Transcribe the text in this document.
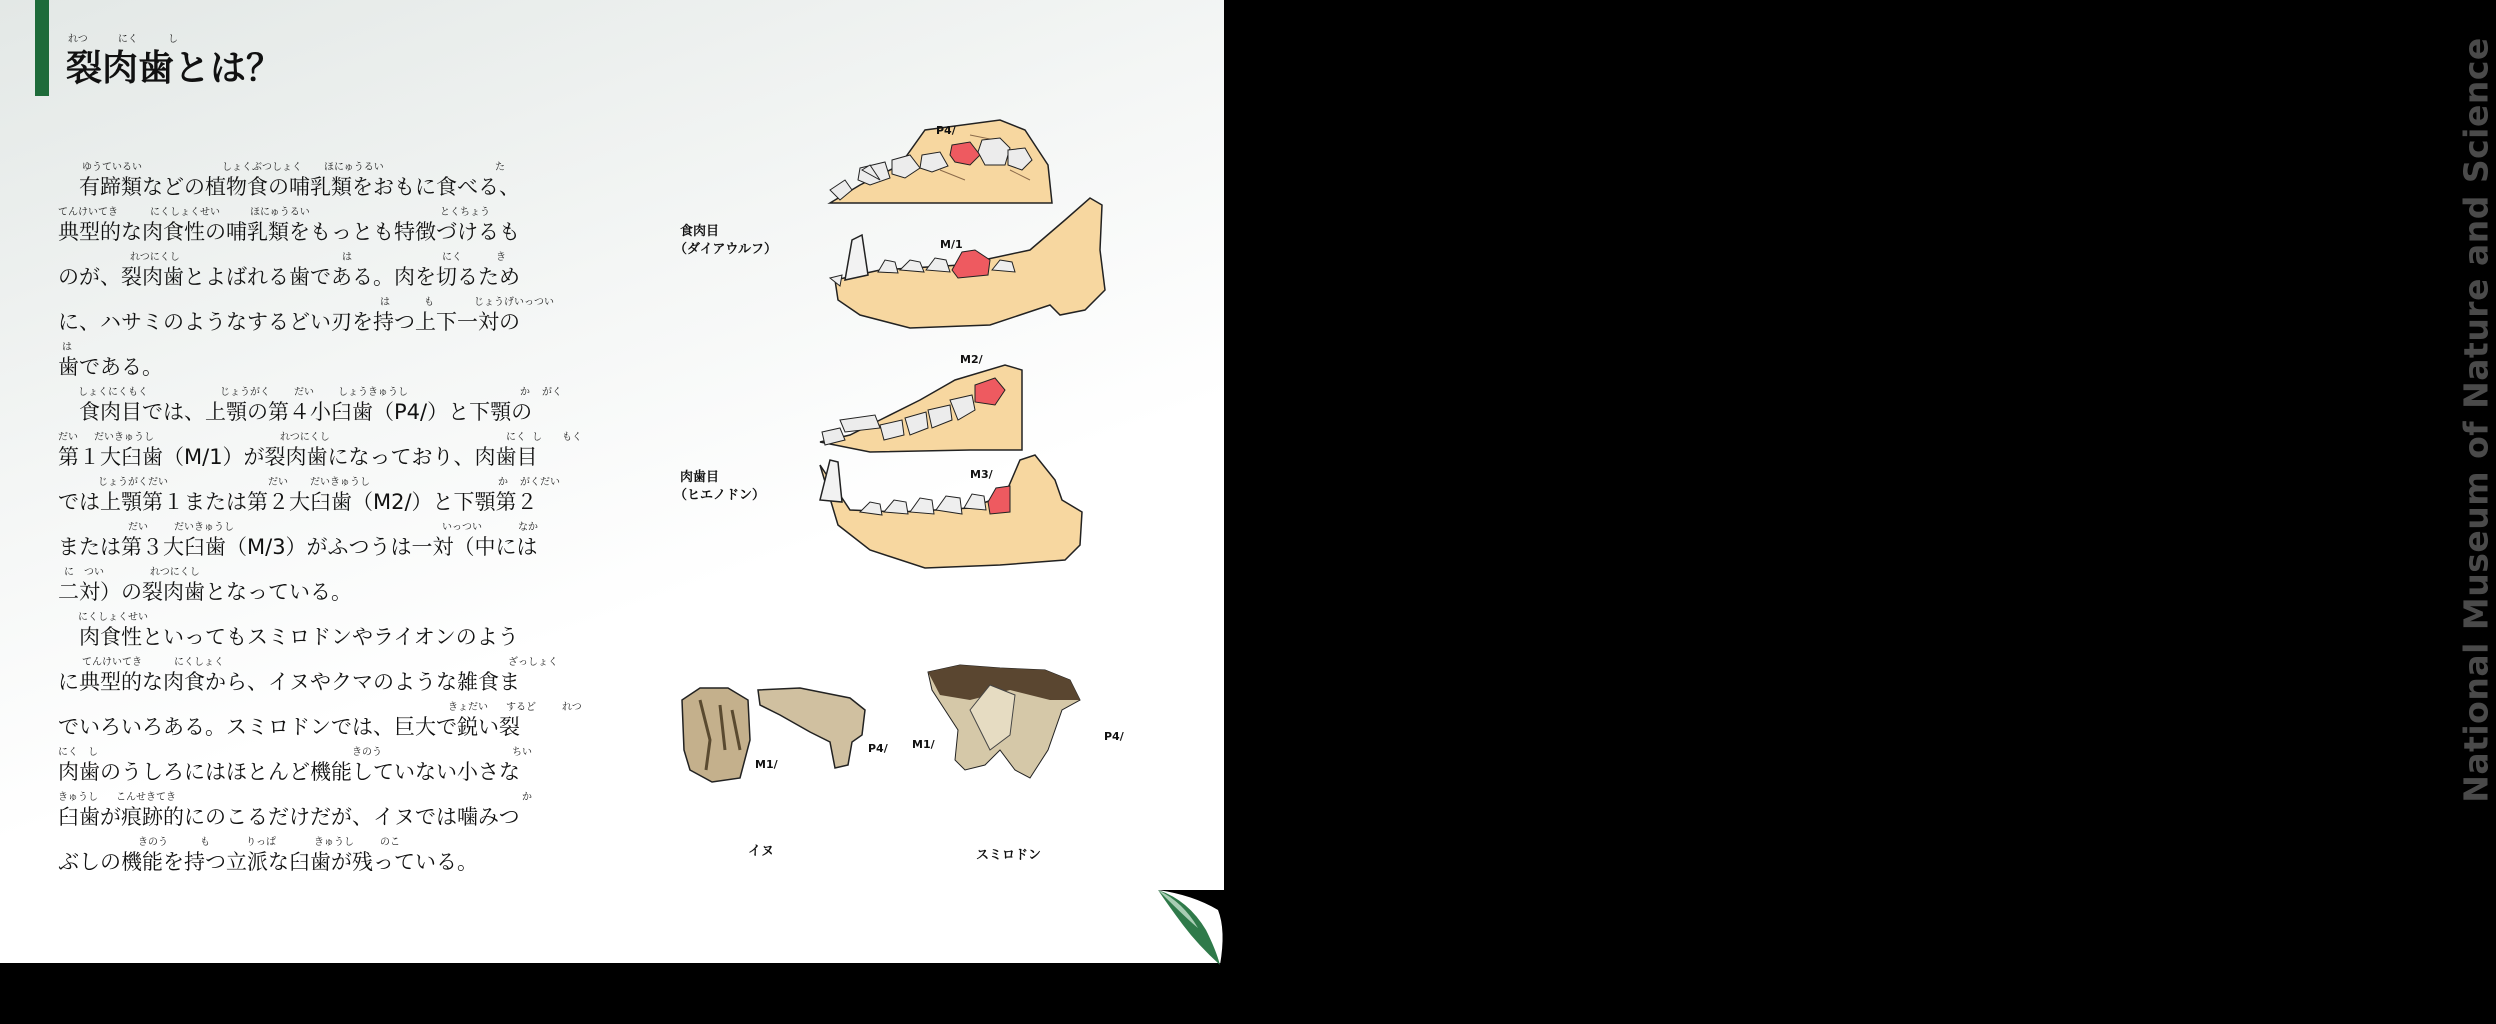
れつ	にく	し
裂肉歯とは？
ゆうているい	しょくぶつしょく ほにゅうるい	た
　有蹄類などの植物食の哺乳類をおもに食べる、
てんけいてき	にくしょくせい	ほにゅうるい	とくちょう
典型的な肉食性の哺乳類をもっとも特徴づけるも
れつにくし	は	にく	き
のが、裂肉歯とよばれる歯である。肉を切るため
は	も	じょうげいっつい
に、ハサミのようなするどい刃を持つ上下一対の
は
歯である。
しょくにくもく	じょうがく だい しょうきゅうし	か がく
　食肉目では、上顎の第４小臼歯（P4/）と下顎の
だい だいきゅうし	れつにくし	にく し もく
第１大臼歯（M/1）が裂肉歯になっており、肉歯目
じょうがくだい	だい だいきゅうし	か がくだい
では上顎第１または第２大臼歯（M2/）と下顎第２
だい	だいきゅうし	いっつい	なか
または第３大臼歯（M/3）がふつうは一対（中には
に つい	れつにくし
二対）の裂肉歯となっている。
にくしょくせい
　肉食性といってもスミロドンやライオンのよう
てんけいてき	にくしょく	ざっしょく
に典型的な肉食から、イヌやクマのような雑食ま
きょだい するど	れつ
でいろいろある。スミロドンでは、巨大で鋭い裂
にく し	きのう	ちい
肉歯のうしろにはほとんど機能していない小さな
きゅうし こんせきてき	か
臼歯が痕跡的にのこるだけだが、イヌでは噛みつ
きのう	も	りっぱ	きゅうし	のこ
ぶしの機能を持つ立派な臼歯が残っている。
食肉目
（ダイアウルフ）
肉歯目
（ヒエノドン）
P4/
M/1
M2/
M3/
M1/
P4/ M1/
P4/
イヌ	スミロドン
National Museum of Nature and Science
